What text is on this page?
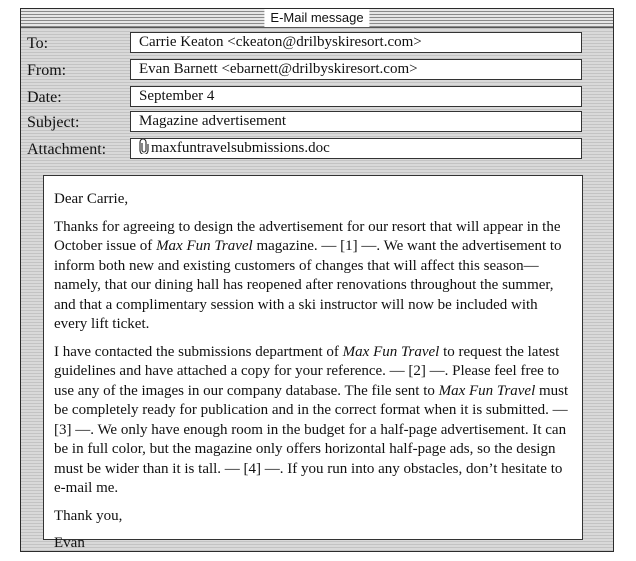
E-Mail message
To:	Carrie Keaton <ckeaton@drilbyskiresort.com>
From:	Evan Barnett <ebarnett@drilbyskiresort.com>
Date:	September 4
Subject:	Magazine advertisement
Attachment:	maxfuntravelsubmissions.doc

Dear Carrie,

Thanks for agreeing to design the advertisement for our resort that will appear in the October issue of Max Fun Travel magazine. — [1] —. We want the advertisement to inform both new and existing customers of changes that will affect this season—namely, that our dining hall has reopened after renovations throughout the summer, and that a complimentary session with a ski instructor will now be included with every lift ticket.

I have contacted the submissions department of Max Fun Travel to request the latest guidelines and have attached a copy for your reference. — [2] —. Please feel free to use any of the images in our company database. The file sent to Max Fun Travel must be completely ready for publication and in the correct format when it is submitted. — [3] —. We only have enough room in the budget for a half-page advertisement. It can be in full color, but the magazine only offers horizontal half-page ads, so the design must be wider than it is tall. — [4] —. If you run into any obstacles, don’t hesitate to e-mail me.

Thank you,

Evan
